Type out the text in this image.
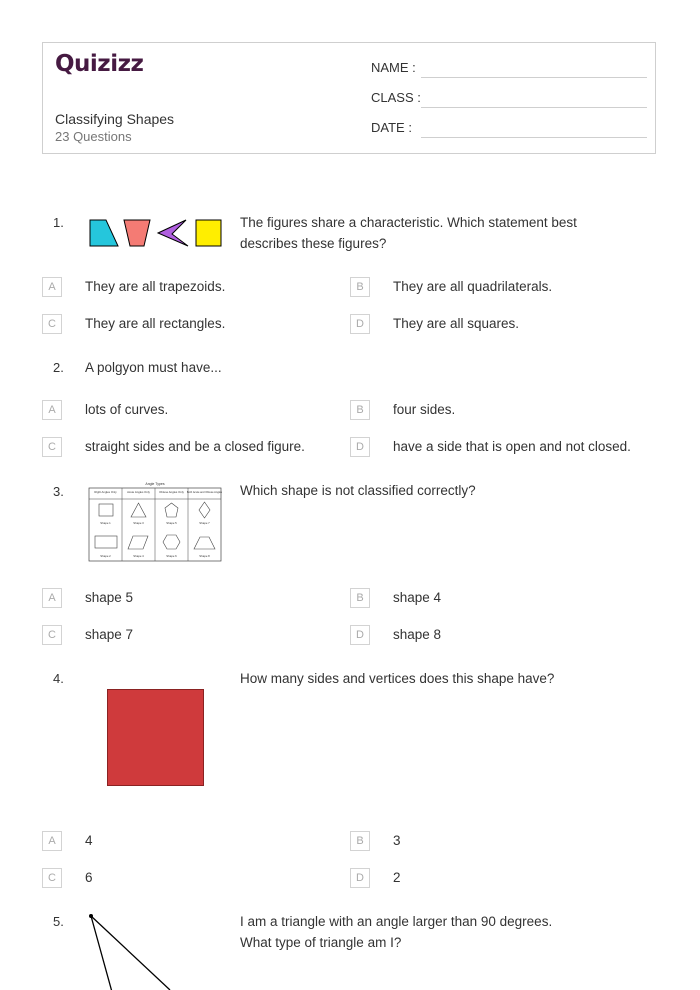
Quizizz
Classifying Shapes
23 Questions
NAME :
CLASS :
DATE :
1.	The figures share a characteristic. Which statement best describes these figures?
A	They are all trapezoids.	B	They are all quadrilaterals.
C	They are all rectangles.	D	They are all squares.
2. A polgyon must have...
A	lots of curves.	B	four sides.
C	straight sides and be a closed figure.	D	have a side that is open and not closed.
3.	Angle Types
Right Angles Only	Acute Angles Only	Obtuse Angles Only Both Acute and Obtuse Angles
Shape 1	Shape 3	Shape 5	Shape 7
Shape 2	Shape 4	Shape 6	Shape 8
Which shape is not classified correctly?
A	shape 5	B	shape 4
C	shape 7	D	shape 8
4.	How many sides and vertices does this shape have?
A	4	B	3
C	6	D	2
5.	I am a triangle with an angle larger than 90 degrees.
What type of triangle am I?
